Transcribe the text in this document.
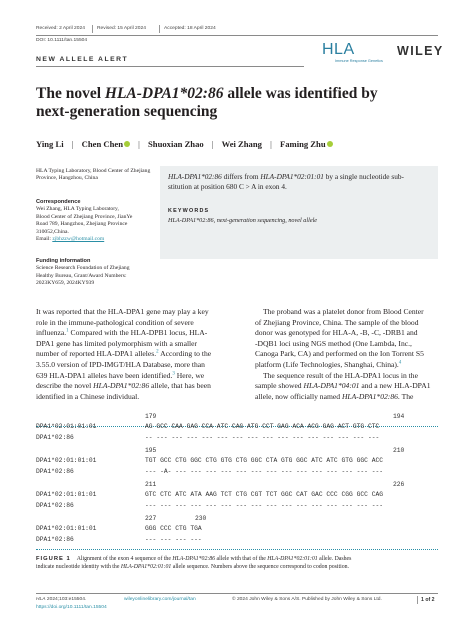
Received: 2 April 2024 Revised: 15 April 2024	Accepted: 18 April 2024
DOI: 10.1111/tan.15504
HLA
Immune Response Genetics
WILEY
NEW ALLELE ALERT
The novel HLA-DPA1*02:86 allele was identified by
next-generation sequencing
Ying Li | Chen Chen | Shuoxian Zhao | Wei Zhang | Faming Zhu
HLA Typing Laboratory, Blood Center of Zhejiang Province, Hangzhou, China
Correspondence
Wei Zhang, HLA Typing Laboratory,
Blood Center of Zhejiang Province, JianYe
Road 789, Hangzhou, Zhejiang Province
310052,China.
Email: zjbhzzw@hotmail.com
Funding information
Science Research Foundation of Zhejiang
Healthy Bureau, Grant/Award Numbers:
2023KY659, 2024KY939
HLA-DPA1*02:86 differs from HLA-DPA1*02:01:01 by a single nucleotide sub-
stitution at position 680 C > A in exon 4.
KEYWORDS
HLA-DPA1*02:86, next-generation sequencing, novel allele
It was reported that the HLA-DPA1 gene may play a key
role in the immune-pathological condition of severe
influenza.$^1$ Compared with the HLA-DPB1 locus, HLA-
DPA1 gene has limited polymorphism with a smaller
number of reported HLA-DPA1 alleles.$^2$ According to the
3.55.0 version of IPD-IMGT/HLA Database, more than
639 HLA-DPA1 alleles have been identified.$^3$ Here, we
describe the novel HLA-DPA1*02:86 allele, that has been
identified in a Chinese individual.
The proband was a platelet donor from Blood Center
of Zhejiang Province, China. The sample of the blood
donor was genotyped for HLA-A, -B, -C, -DRB1 and
-DQB1 loci using NGS method (One Lambda, Inc.,
Canoga Park, CA) and performed on the Ion Torrent S5
platform (Life Technologies, Shanghai, China).$^4$
The sequence result of the HLA-DPA1 locus in the
sample showed HLA-DPA1*04:01 and a new HLA-DPA1
allele, now officially named HLA-DPA1*02:86. The

179	194
DPA1*02:01:01:01	AG GCC CAA GAG CCA ATC CAG ATG CCT GAG ACA ACG GAG ACT GTG CTC
DPA1*02:86	-- --- --- --- --- --- --- --- --- --- --- --- --- --- --- ---
195	210
DPA1*02:01:01:01	TGT GCC CTG GGC CTG GTG CTG GGC CTA GTG GGC ATC ATC GTG GGC ACC
DPA1*02:86	--- -A- --- --- --- --- --- --- --- --- --- --- --- --- --- ---
211	226
DPA1*02:01:01:01	GTC CTC ATC ATA AAG TCT CTG CGT TCT GGC CAT GAC CCC CGG GCC CAG
DPA1*02:86	--- --- --- --- --- --- --- --- --- --- --- --- --- --- --- ---
227	230
DPA1*02:01:01:01	GGG CCC CTG TGA
DPA1*02:86	--- --- --- ---
FIGURE 1 Alignment of the exon 4 sequence of the HLA-DPA1*02:86 allele with that of the HLA-DPA1*02:01:01 allele. Dashes
indicate nucleotide identity with the HLA-DPA1*02:01:01 allele sequence. Numbers above the sequence correspond to codon position.
HLA 2024;103:e15504.	wileyonlinelibrary.com/journal/tan
https://doi.org/10.1111/tan.15504
© 2024 John Wiley & Sons A/S. Published by John Wiley & Sons Ltd.	1 of 2
